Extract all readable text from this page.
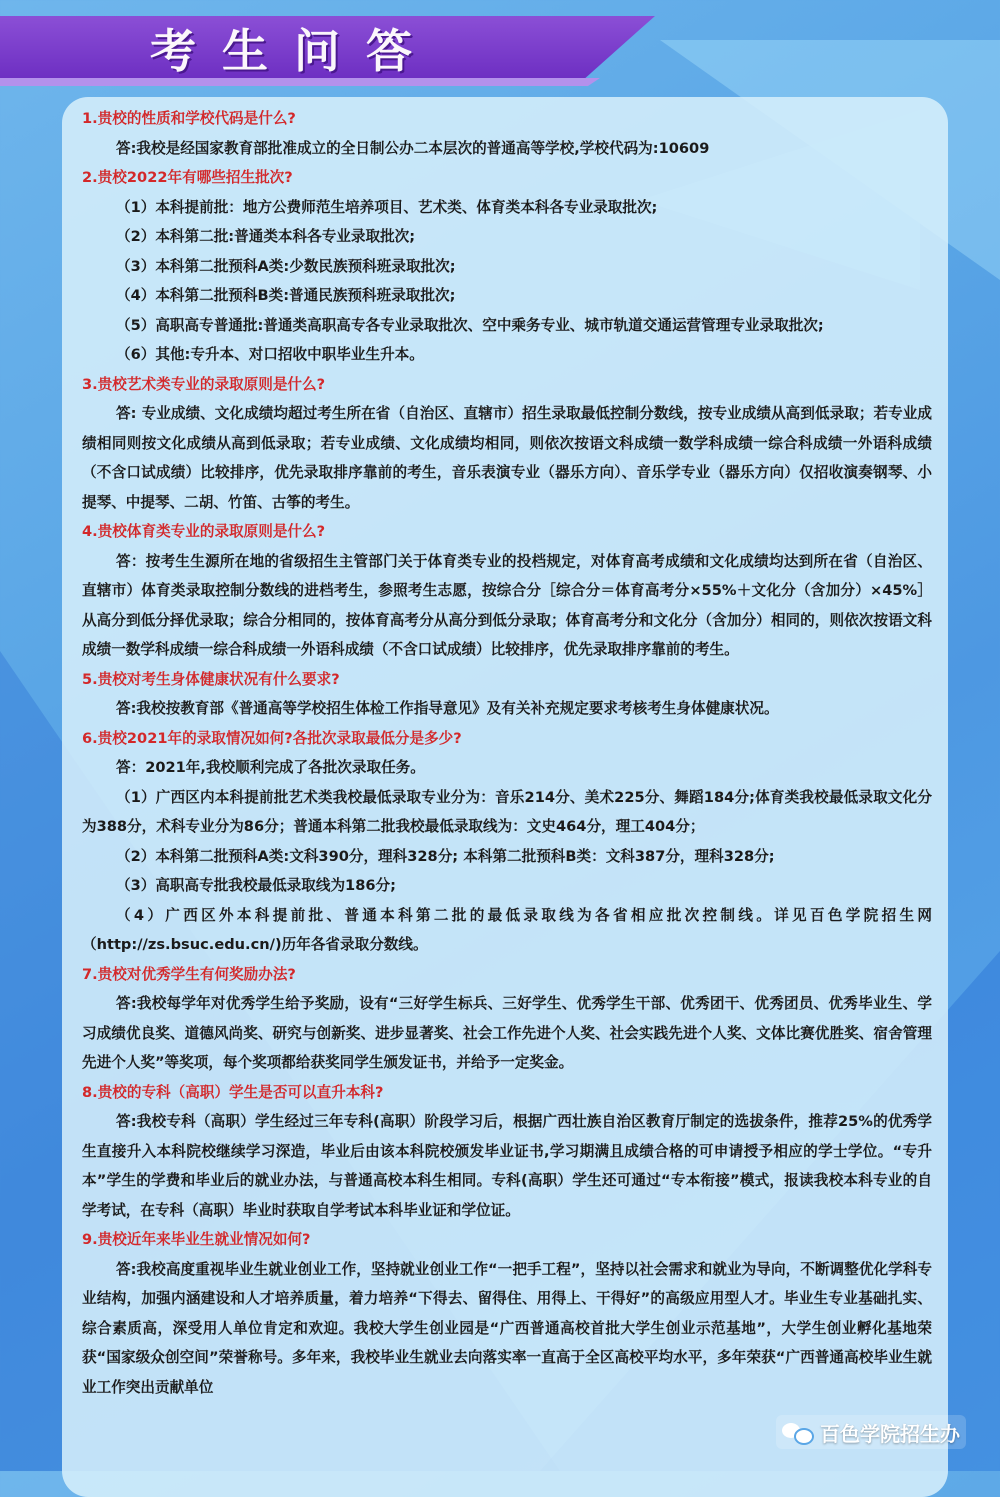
考生问答

1.贵校的性质和学校代码是什么?

答:我校是经国家教育部批准成立的全日制公办二本层次的普通高等学校,学校代码为:10609

2.贵校2022年有哪些招生批次?

（1）本科提前批：地方公费师范生培养项目、艺术类、体育类本科各专业录取批次;

（2）本科第二批:普通类本科各专业录取批次;

（3）本科第二批预科A类:少数民族预科班录取批次;

（4）本科第二批预科B类:普通民族预科班录取批次;

（5）高职高专普通批:普通类高职高专各专业录取批次、空中乘务专业、城市轨道交通运营管理专业录取批次;

（6）其他:专升本、对口招收中职毕业生升本。

3.贵校艺术类专业的录取原则是什么?

答: 专业成绩、文化成绩均超过考生所在省（自治区、直辖市）招生录取最低控制分数线，按专业成绩从高到低录取；若专业成绩相同则按文化成绩从高到低录取；若专业成绩、文化成绩均相同，则依次按语文科成绩一数学科成绩一综合科成绩一外语科成绩（不含口试成绩）比较排序，优先录取排序靠前的考生，音乐表演专业（器乐方向）、音乐学专业（器乐方向）仅招收演奏钢琴、小提琴、中提琴、二胡、竹笛、古筝的考生。

4.贵校体育类专业的录取原则是什么?

答：按考生生源所在地的省级招生主管部门关于体育类专业的投档规定，对体育高考成绩和文化成绩均达到所在省（自治区、直辖市）体育类录取控制分数线的进档考生，参照考生志愿，按综合分［综合分＝体育高考分×55%＋文化分（含加分）×45%］从高分到低分择优录取；综合分相同的，按体育高考分从高分到低分录取；体育高考分和文化分（含加分）相同的，则依次按语文科成绩一数学科成绩一综合科成绩一外语科成绩（不含口试成绩）比较排序，优先录取排序靠前的考生。

5.贵校对考生身体健康状况有什么要求?

答:我校按教育部《普通高等学校招生体检工作指导意见》及有关补充规定要求考核考生身体健康状况。

6.贵校2021年的录取情况如何?各批次录取最低分是多少?

答：2021年,我校顺利完成了各批次录取任务。

（1）广西区内本科提前批艺术类我校最低录取专业分为：音乐214分、美术225分、舞蹈184分;体育类我校最低录取文化分为388分，术科专业分为86分；普通本科第二批我校最低录取线为：文史464分，理工404分；

（2）本科第二批预科A类:文科390分，理科328分; 本科第二批预科B类：文科387分，理科328分;

（3）高职高专批我校最低录取线为186分;

（4）广西区外本科提前批、普通本科第二批的最低录取线为各省相应批次控制线。详见百色学院招生网（http://zs.bsuc.edu.cn/)历年各省录取分数线。

7.贵校对优秀学生有何奖励办法?

答:我校每学年对优秀学生给予奖励，设有“三好学生标兵、三好学生、优秀学生干部、优秀团干、优秀团员、优秀毕业生、学习成绩优良奖、道德风尚奖、研究与创新奖、进步显著奖、社会工作先进个人奖、社会实践先进个人奖、文体比赛优胜奖、宿舍管理先进个人奖”等奖项，每个奖项都给获奖同学生颁发证书，并给予一定奖金。

8.贵校的专科（高职）学生是否可以直升本科?

答:我校专科（高职）学生经过三年专科(高职）阶段学习后，根据广西壮族自治区教育厅制定的选拔条件，推荐25%的优秀学生直接升入本科院校继续学习深造，毕业后由该本科院校颁发毕业证书,学习期满且成绩合格的可申请授予相应的学士学位。“专升本”学生的学费和毕业后的就业办法，与普通高校本科生相同。专科(高职）学生还可通过“专本衔接”模式，报读我校本科专业的自学考试，在专科（高职）毕业时获取自学考试本科毕业证和学位证。

9.贵校近年来毕业生就业情况如何?

答:我校高度重视毕业生就业创业工作，坚持就业创业工作“一把手工程”，坚持以社会需求和就业为导向，不断调整优化学科专业结构，加强内涵建设和人才培养质量，着力培养“下得去、留得住、用得上、干得好”的高级应用型人才。毕业生专业基础扎实、综合素质高，深受用人单位肯定和欢迎。我校大学生创业园是“广西普通高校首批大学生创业示范基地”，大学生创业孵化基地荣获“国家级众创空间”荣誉称号。多年来，我校毕业生就业去向落实率一直高于全区高校平均水平，多年荣获“广西普通高校毕业生就业工作突出贡献单位

百色学院招生办
